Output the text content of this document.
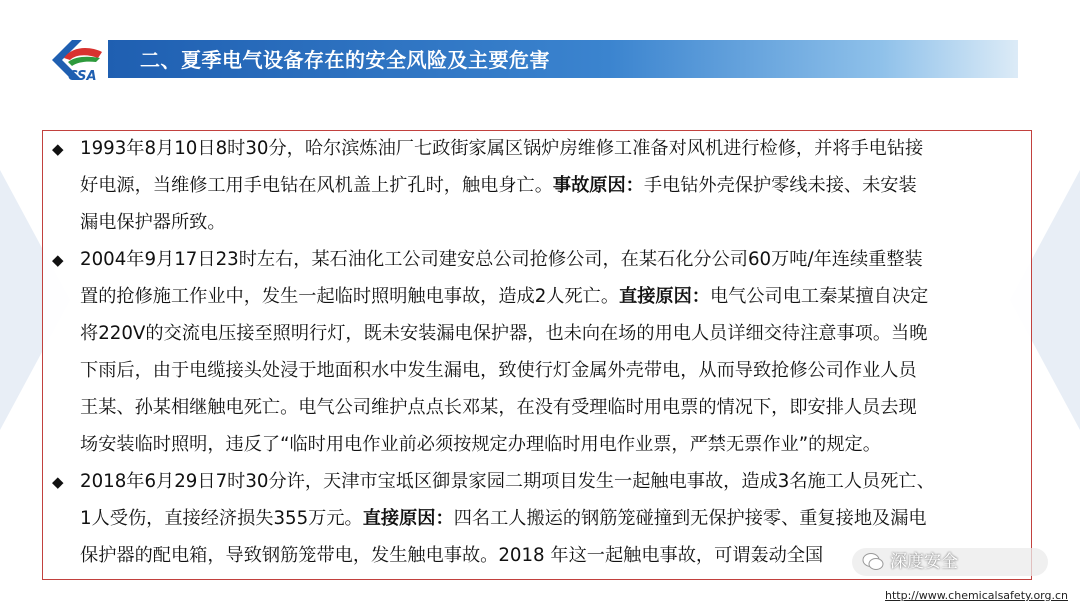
CSA
二、夏季电气设备存在的安全风险及主要危害
◆ 1993年8月10日8时30分，哈尔滨炼油厂七政街家属区锅炉房维修工准备对风机进行检修，并将手电钻接
好电源，当维修工用手电钻在风机盖上扩孔时，触电身亡。事故原因：手电钻外壳保护零线未接、未安装
漏电保护器所致。
◆ 2004年9月17日23时左右，某石油化工公司建安总公司抢修公司，在某石化分公司60万吨/年连续重整装
置的抢修施工作业中，发生一起临时照明触电事故，造成2人死亡。直接原因：电气公司电工秦某擅自决定
将220V的交流电压接至照明行灯，既未安装漏电保护器，也未向在场的用电人员详细交待注意事项。当晚
下雨后，由于电缆接头处浸于地面积水中发生漏电，致使行灯金属外壳带电，从而导致抢修公司作业人员
王某、孙某相继触电死亡。电气公司维护点点长邓某，在没有受理临时用电票的情况下，即安排人员去现
场安装临时照明，违反了“临时用电作业前必须按规定办理临时用电作业票，严禁无票作业”的规定。
◆ 2018年6月29日7时30分许，天津市宝坻区御景家园二期项目发生一起触电事故，造成3名施工人员死亡、
1人受伤，直接经济损失355万元。直接原因：四名工人搬运的钢筋笼碰撞到无保护接零、重复接地及漏电
保护器的配电箱，导致钢筋笼带电，发生触电事故。2018 年这一起触电事故，可谓轰动全国	深度安全
http://www.chemicalsafety.org.cn
